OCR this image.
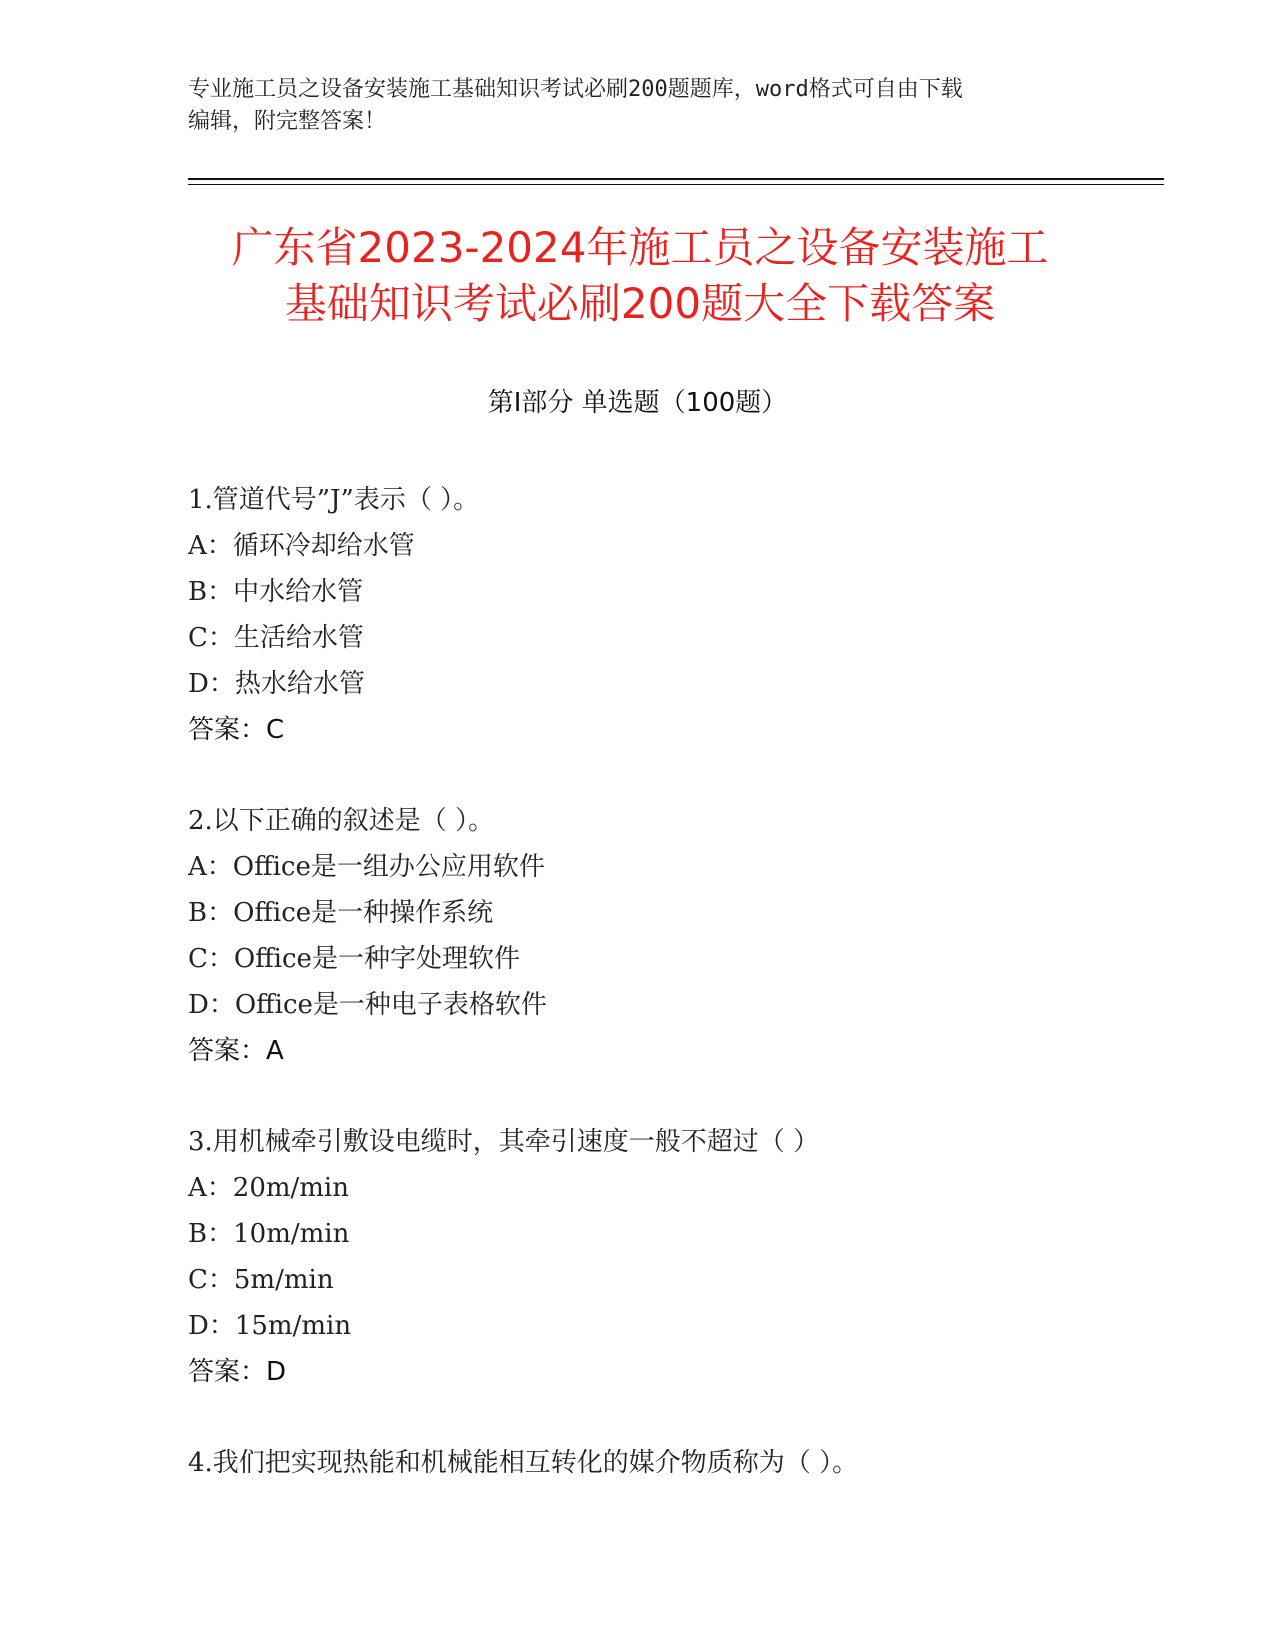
专业施工员之设备安装施工基础知识考试必刷200题题库，word格式可自由下载
编辑，附完整答案！
广东省2023-2024年施工员之设备安装施工
基础知识考试必刷200题大全下载答案
第Ⅰ部分 单选题（100题）
1.管道代号”J”表示（ ）。
A：循环冷却给水管
B：中水给水管
C：生活给水管
D：热水给水管
答案：C
2.以下正确的叙述是（ ）。
A：Office是一组办公应用软件
B：Office是一种操作系统
C：Office是一种字处理软件
D：Office是一种电子表格软件
答案：A
3.用机械牵引敷设电缆时，其牵引速度一般不超过（ ）
A：20m/min
B：10m/min
C：5m/min
D：15m/min
答案：D
4.我们把实现热能和机械能相互转化的媒介物质称为（ ）。
